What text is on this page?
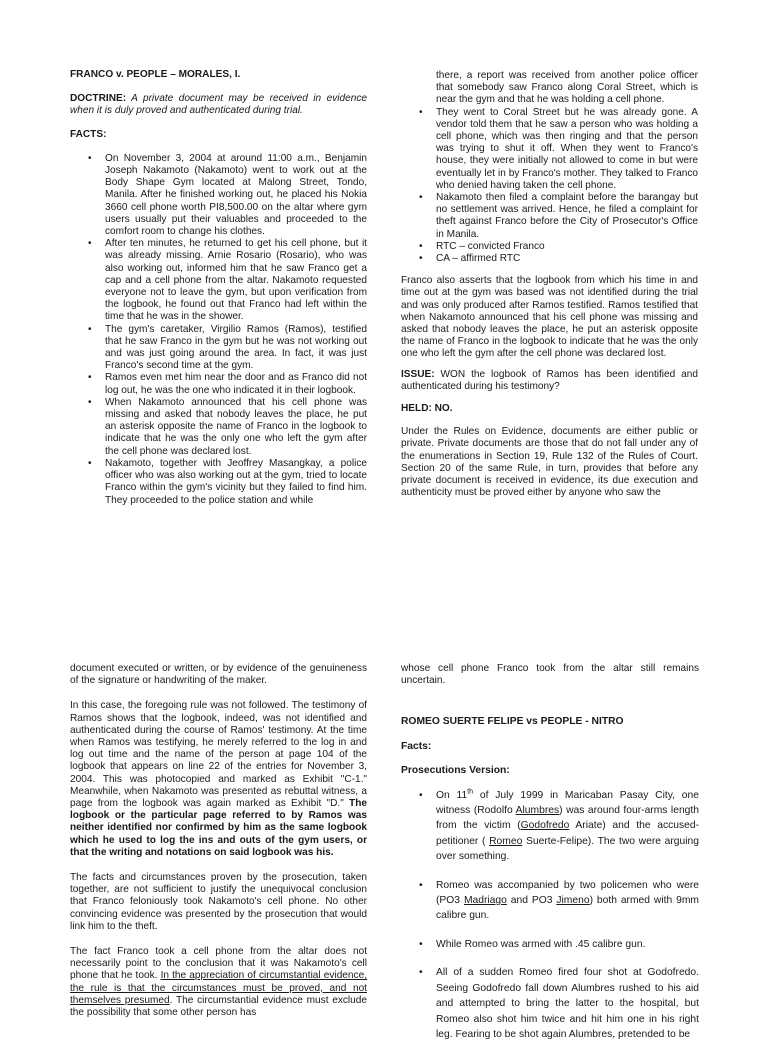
FRANCO v. PEOPLE – MORALES, I.

DOCTRINE: A private document may be received in evidence when it is duly proved and authenticated during trial.

FACTS:

• On November 3, 2004 at around 11:00 a.m., Benjamin Joseph Nakamoto (Nakamoto) went to work out at the Body Shape Gym located at Malong Street, Tondo, Manila. After he finished working out, he placed his Nokia 3660 cell phone worth PI8,500.00 on the altar where gym users usually put their valuables and proceeded to the comfort room to change his clothes.
• After ten minutes, he returned to get his cell phone, but it was already missing. Arnie Rosario (Rosario), who was also working out, informed him that he saw Franco get a cap and a cell phone from the altar. Nakamoto requested everyone not to leave the gym, but upon verification from the logbook, he found out that Franco had left within the time that he was in the shower.
• The gym's caretaker, Virgilio Ramos (Ramos), testified that he saw Franco in the gym but he was not working out and was just going around the area. In fact, it was just Franco's second time at the gym.
• Ramos even met him near the door and as Franco did not log out, he was the one who indicated it in their logbook.
• When Nakamoto announced that his cell phone was missing and asked that nobody leaves the place, he put an asterisk opposite the name of Franco in the logbook to indicate that he was the only one who left the gym after the cell phone was declared lost.
• Nakamoto, together with Jeoffrey Masangkay, a police officer who was also working out at the gym, tried to locate Franco within the gym's vicinity but they failed to find him. They proceeded to the police station and while
there, a report was received from another police officer that somebody saw Franco along Coral Street, which is near the gym and that he was holding a cell phone.
• They went to Coral Street but he was already gone. A vendor told them that he saw a person who was holding a cell phone, which was then ringing and that the person was trying to shut it off. When they went to Franco's house, they were initially not allowed to come in but were eventually let in by Franco's mother. They talked to Franco who denied having taken the cell phone.
• Nakamoto then filed a complaint before the barangay but no settlement was arrived. Hence, he filed a complaint for theft against Franco before the City of Prosecutor's Office in Manila.
• RTC – convicted Franco
• CA – affirmed RTC

Franco also asserts that the logbook from which his time in and time out at the gym was based was not identified during the trial and was only produced after Ramos testified. Ramos testified that when Nakamoto announced that his cell phone was missing and asked that nobody leaves the place, he put an asterisk opposite the name of Franco in the logbook to indicate that he was the only one who left the gym after the cell phone was declared lost.

ISSUE: WON the logbook of Ramos has been identified and authenticated during his testimony?

HELD: NO.

Under the Rules on Evidence, documents are either public or private. Private documents are those that do not fall under any of the enumerations in Section 19, Rule 132 of the Rules of Court. Section 20 of the same Rule, in turn, provides that before any private document is received in evidence, its due execution and authenticity must be proved either by anyone who saw the

document executed or written, or by evidence of the genuineness of the signature or handwriting of the maker.

In this case, the foregoing rule was not followed. The testimony of Ramos shows that the logbook, indeed, was not identified and authenticated during the course of Ramos' testimony. At the time when Ramos was testifying, he merely referred to the log in and log out time and the name of the person at page 104 of the logbook that appears on line 22 of the entries for November 3, 2004. This was photocopied and marked as Exhibit "C-1." Meanwhile, when Nakamoto was presented as rebuttal witness, a page from the logbook was again marked as Exhibit "D." The logbook or the particular page referred to by Ramos was neither identified nor confirmed by him as the same logbook which he used to log the ins and outs of the gym users, or that the writing and notations on said logbook was his.

The facts and circumstances proven by the prosecution, taken together, are not sufficient to justify the unequivocal conclusion that Franco feloniously took Nakamoto's cell phone. No other convincing evidence was presented by the prosecution that would link him to the theft.

The fact Franco took a cell phone from the altar does not necessarily point to the conclusion that it was Nakamoto's cell phone that he took. In the appreciation of circumstantial evidence, the rule is that the circumstances must be proved, and not themselves presumed. The circumstantial evidence must exclude the possibility that some other person has

whose cell phone Franco took from the altar still remains uncertain.

ROMEO SUERTE FELIPE vs PEOPLE - NITRO

Facts:

Prosecutions Version:

• On 11th of July 1999 in Maricaban Pasay City, one witness (Rodolfo Alumbres) was around four-arms length from the victim (Godofredo Ariate) and the accused-petitioner ( Romeo Suerte-Felipe). The two were arguing over something.
• Romeo was accompanied by two policemen who were (PO3 Madriago and PO3 Jimeno) both armed with 9mm calibre gun.
• While Romeo was armed with .45 calibre gun.
• All of a sudden Romeo fired four shot at Godofredo. Seeing Godofredo fall down Alumbres rushed to his aid and attempted to bring the latter to the hospital, but Romeo also shot him twice and hit him one in his right leg. Fearing to be shot again Alumbres, pretended to be
